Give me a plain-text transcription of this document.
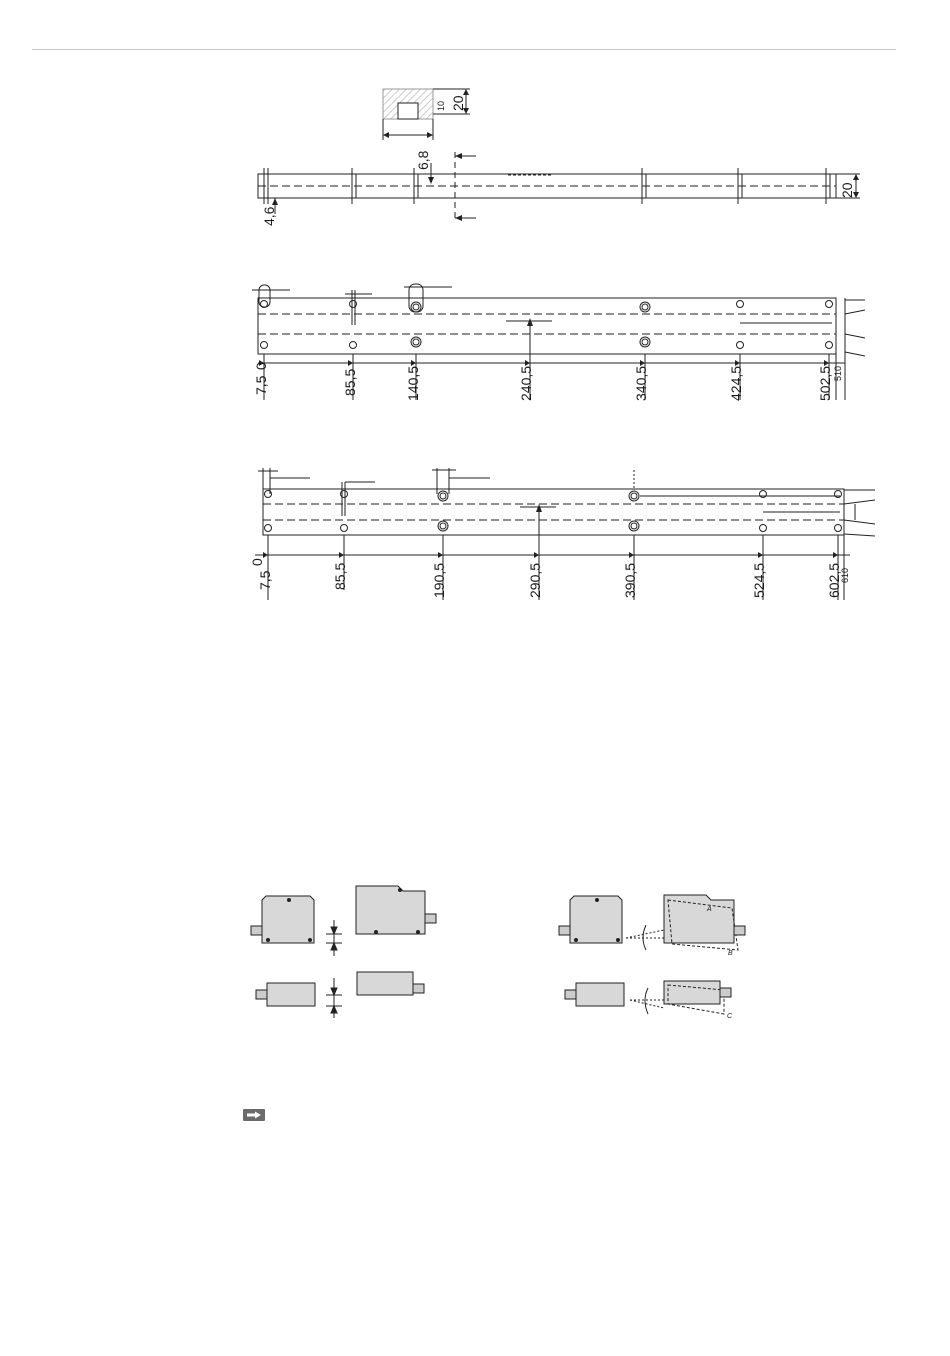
20
10
6,8
4,6
20
7,5
0
85,5	140,5	240,5	340,5	424,5	502,5 510
7,5
0
85,5	190,5	290,5	390,5	524,5	602,5
610
A
B
C
